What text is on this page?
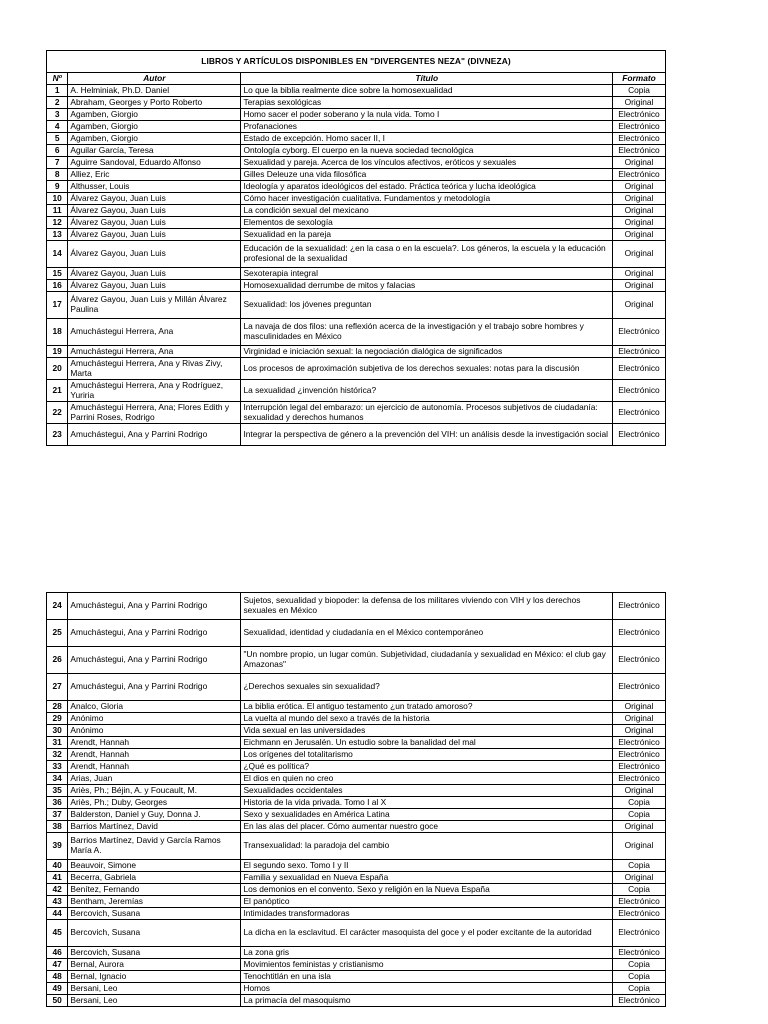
LIBROS Y ARTÍCULOS DISPONIBLES EN "DIVERGENTES NEZA" (DIVNEZA)			
Nº	Autor	Título	Formato
1	A. Helminiak, Ph.D. Daniel	Lo que la biblia realmente dice sobre la homosexualidad	Copia
2	Abraham, Georges y Porto Roberto	Terapias sexológicas	Original
3	Agamben, Giorgio	Homo sacer el poder soberano y la nula vida. Tomo I	Electrónico
4	Agamben, Giorgio	Profanaciones	Electrónico
5	Agamben, Giorgio	Estado de excepción. Homo sacer II, I	Electrónico
6	Aguilar García, Teresa	Ontología cyborg. El cuerpo en la nueva sociedad tecnológica	Electrónico
7	Aguirre Sandoval, Eduardo Alfonso	Sexualidad y pareja. Acerca de los vínculos afectivos, eróticos y sexuales	Original
8	Alliez, Eric	Gilles Deleuze una vida filosófica	Electrónico
9	Althusser, Louis	Ideología y aparatos ideológicos del estado. Práctica teórica y lucha ideológica	Original
10	Álvarez Gayou, Juan Luis	Cómo hacer investigación cualitativa. Fundamentos y metodología	Original
11	Álvarez Gayou, Juan Luis	La condición sexual del mexicano	Original
12	Álvarez Gayou, Juan Luis	Elementos de sexología	Original
13	Álvarez Gayou, Juan Luis	Sexualidad en la pareja	Original
14	Álvarez Gayou, Juan Luis	Educación de la sexualidad: ¿en la casa o en la escuela?. Los géneros, la escuela y la educación profesional de la sexualidad	Original
15	Álvarez Gayou, Juan Luis	Sexoterapia integral	Original
16	Álvarez Gayou, Juan Luis	Homosexualidad derrumbe de mitos y falacias	Original
17	Álvarez Gayou, Juan Luis y Millán Álvarez Paulina	Sexualidad: los jóvenes preguntan	Original
18	Amuchástegui Herrera, Ana	La navaja de dos filos: una reflexión acerca de la investigación y el trabajo sobre hombres y masculinidades en México	Electrónico
19	Amuchástegui Herrera, Ana	Virginidad e iniciación sexual: la negociación dialógica de significados	Electrónico
20	Amuchástegui Herrera, Ana y Rivas Zivy, Marta	Los procesos de aproximación subjetiva de los derechos sexuales: notas para la discusión	Electrónico
21	Amuchástegui Herrera, Ana y Rodríguez, Yuriria	La sexualidad ¿invención histórica?	Electrónico
22	Amuchástegui Herrera, Ana; Flores Edith y Parrini Roses, Rodrigo	Interrupción legal del embarazo: un ejercicio de autonomía. Procesos subjetivos de ciudadanía: sexualidad y derechos humanos	Electrónico
23	Amuchástegui, Ana y Parrini Rodrigo	Integrar la perspectiva de género a la prevención del VIH: un análisis desde la investigación social	Electrónico
24	Amuchástegui, Ana y Parrini Rodrigo	Sujetos, sexualidad y biopoder: la defensa de los militares viviendo con VIH y los derechos sexuales en México	Electrónico
25	Amuchástegui, Ana y Parrini Rodrigo	Sexualidad, identidad y ciudadanía en el México contemporáneo	Electrónico
26	Amuchástegui, Ana y Parrini Rodrigo	"Un nombre propio, un lugar común. Subjetividad, ciudadanía y sexualidad en México: el club gay Amazonas"	Electrónico
27	Amuchástegui, Ana y Parrini Rodrigo	¿Derechos sexuales sin sexualidad?	Electrónico
28	Analco, Gloria	La biblia erótica. El antiguo testamento ¿un tratado amoroso?	Original
29	Anónimo	La vuelta al mundo del sexo a través de la historia	Original
30	Anónimo	Vida sexual en las universidades	Original
31	Arendt, Hannah	Eichmann en Jerusalén. Un estudio sobre la banalidad del mal	Electrónico
32	Arendt, Hannah	Los orígenes del totalitarismo	Electrónico
33	Arendt, Hannah	¿Qué es política?	Electrónico
34	Arias, Juan	El dios en quien no creo	Electrónico
35	Ariès, Ph.; Béjin, A. y Foucault, M.	Sexualidades occidentales	Original
36	Ariès, Ph.; Duby, Georges	Historia de la vida privada. Tomo I al X	Copia
37	Balderston, Daniel y Guy, Donna J.	Sexo y sexualidades en América Latina	Copia
38	Barrios Martínez, David	En las alas del placer. Cómo aumentar nuestro goce	Original
39	Barrios Martínez, David y García Ramos María A.	Transexualidad: la paradoja del cambio	Original
40	Beauvoir, Simone	El segundo sexo. Tomo I y II	Copia
41	Becerra, Gabriela	Familia y sexualidad en Nueva España	Original
42	Benítez, Fernando	Los demonios en el convento. Sexo y religión en la Nueva España	Copia
43	Bentham, Jeremías	El panóptico	Electrónico
44	Bercovich, Susana	Intimidades transformadoras	Electrónico
45	Bercovich, Susana	La dicha en la esclavitud. El carácter masoquista del goce y el poder excitante de la autoridad	Electrónico
46	Bercovich, Susana	La zona gris	Electrónico
47	Bernal, Aurora	Movimientos feministas y cristianismo	Copia
48	Bernal, Ignacio	Tenochtitlán en una isla	Copia
49	Bersani, Leo	Homos	Copia
50	Bersani, Leo	La primacía del masoquismo	Electrónico
